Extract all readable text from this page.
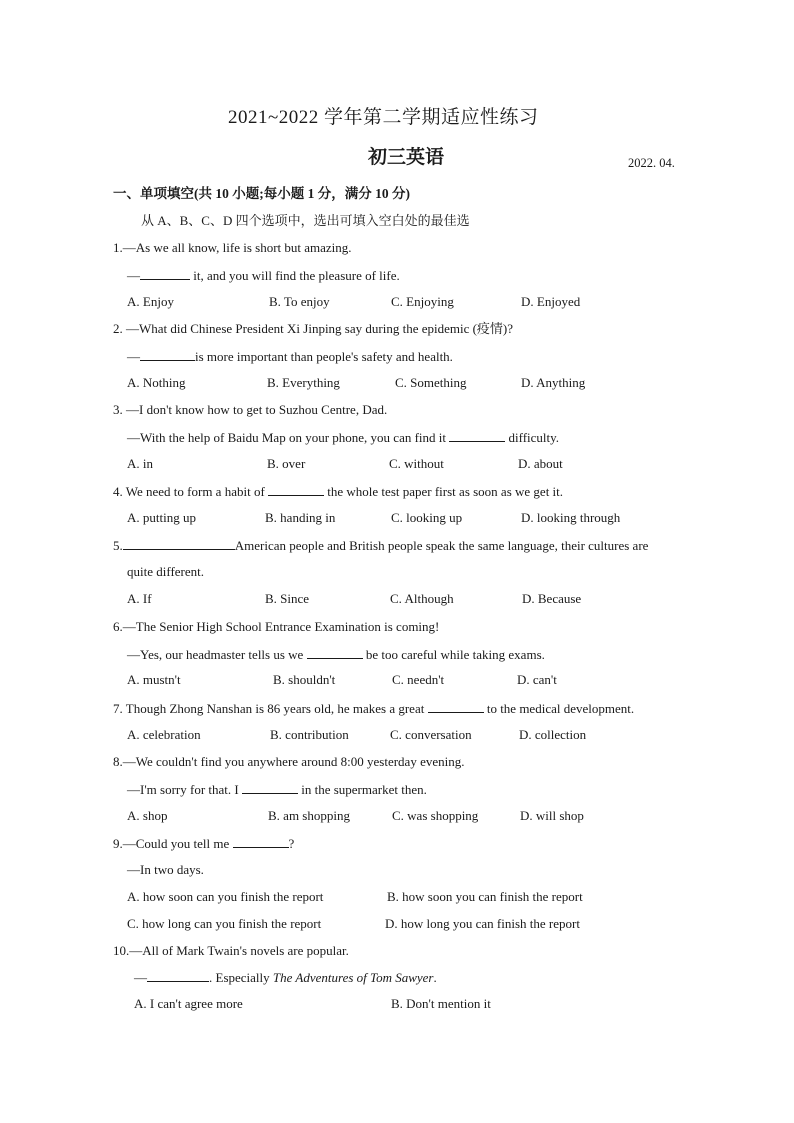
2021~2022 学年第二学期适应性练习
初三英语	2022. 04.
一、单项填空(共 10 小题;每小题 1 分，满分 10 分)
从 A、B、C、D 四个选项中，选出可填入空白处的最佳选
1.—As we all know, life is short but amazing.
—	it, and you will find the pleasure of life.
A. Enjoy	B. To enjoy	C. Enjoying	D. Enjoyed
2. —What did Chinese President Xi Jinping say during the epidemic (疫情)?
—	is more important than people's safety and health.
A. Nothing	B. Everything	C. Something	D. Anything
3. —I don't know how to get to Suzhou Centre, Dad.
—With the help of Baidu Map on your phone, you can find it	difficulty.
A. in	B. over	C. without	D. about
4. We need to form a habit of	the whole test paper first as soon as we get it.
A. putting up	B. handing in	C. looking up	D. looking through
5.	American people and British people speak the same language, their cultures are
quite different.
A. If	B. Since	C. Although	D. Because
6.—The Senior High School Entrance Examination is coming!
—Yes, our headmaster tells us we	be too careful while taking exams.
A. mustn't	B. shouldn't	C. needn't	D. can't
7. Though Zhong Nanshan is 86 years old, he makes a great	to the medical development.
A. celebration	B. contribution	C. conversation	D. collection
8.—We couldn't find you anywhere around 8:00 yesterday evening.
—I'm sorry for that. I	in the supermarket then.
A. shop	B. am shopping	C. was shopping	D. will shop
9.—Could you tell me	?
—In two days.
A. how soon can you finish the report	B. how soon you can finish the report
C. how long can you finish the report	D. how long you can finish the report
10.—All of Mark Twain's novels are popular.
—	. Especially The Adventures of Tom Sawyer.
A. I can't agree more	B. Don't mention it
